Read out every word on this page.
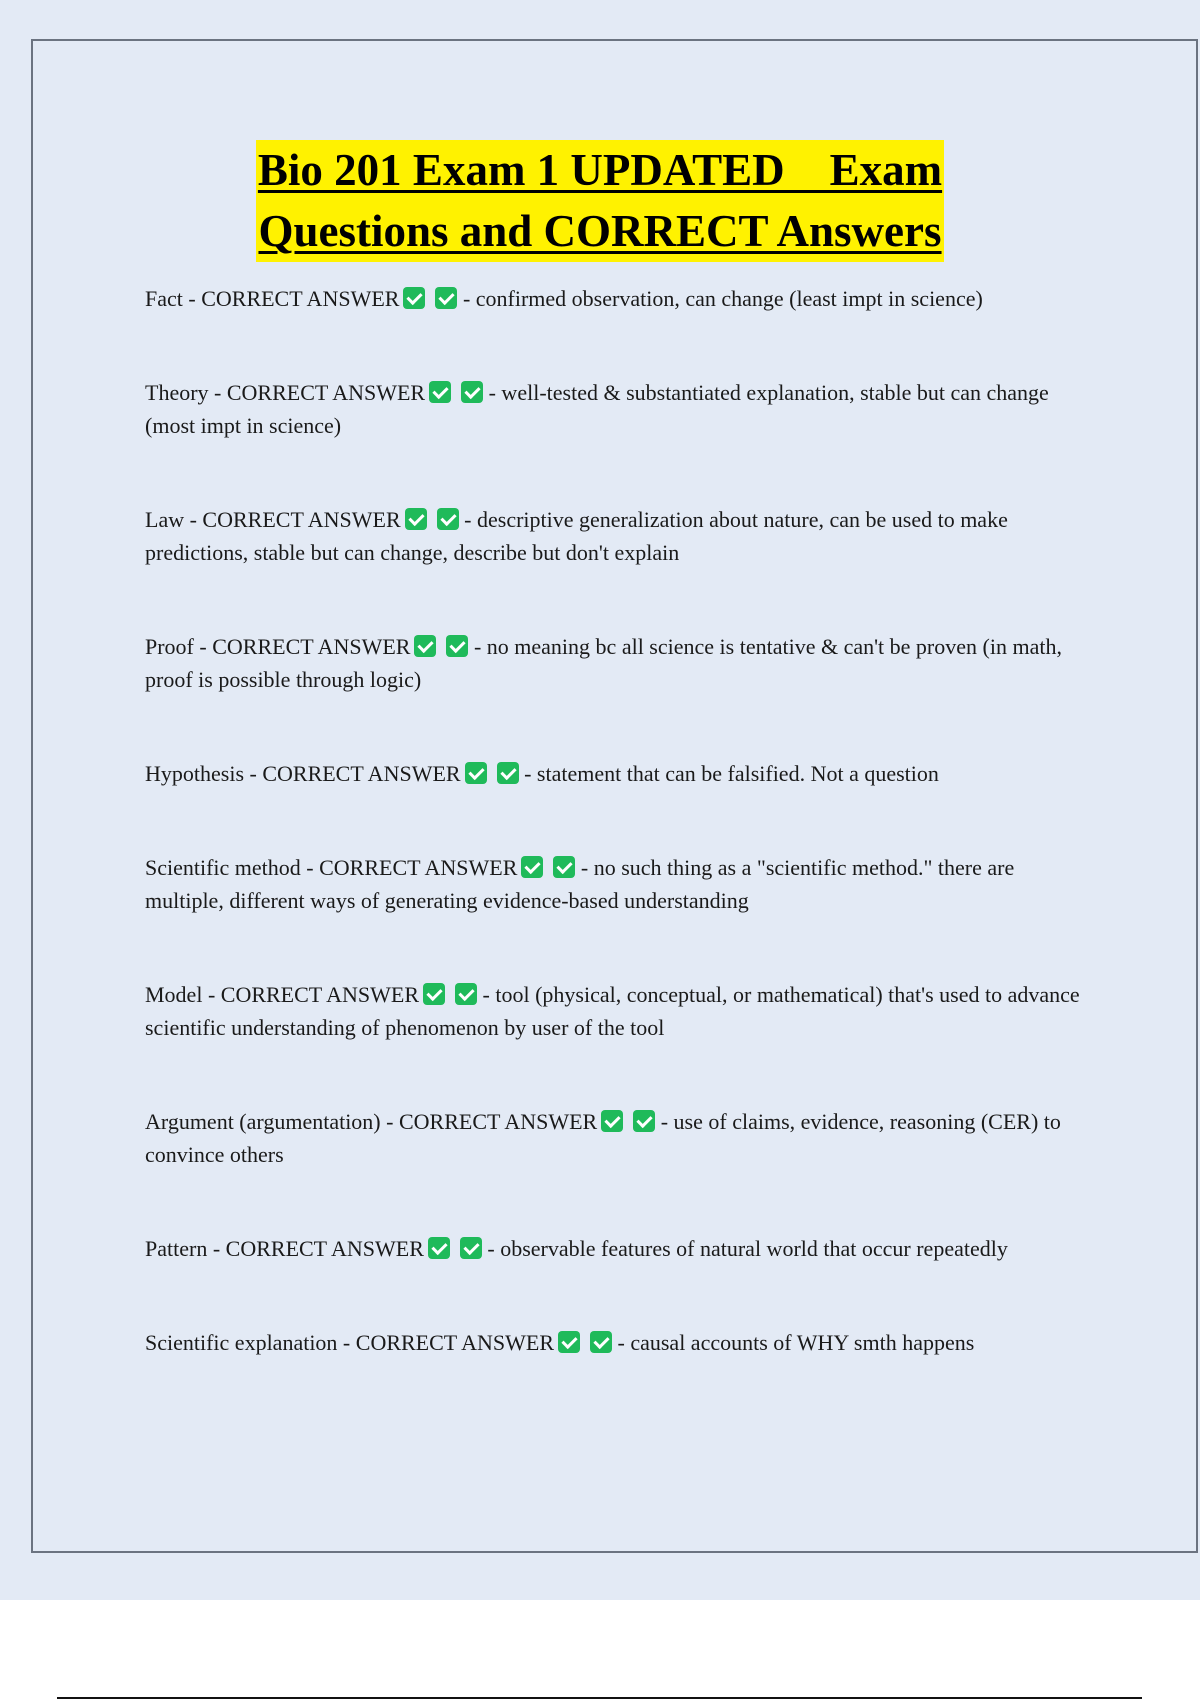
Bio 201 Exam 1 UPDATED    Exam
Questions and CORRECT Answers
Fact - CORRECT ANSWER	- confirmed observation, can change (least impt in science)
Theory - CORRECT ANSWER	- well-tested & substantiated explanation, stable but can change (most impt in science)
Law - CORRECT ANSWER	- descriptive generalization about nature, can be used to make predictions, stable but can change, describe but don't explain
Proof - CORRECT ANSWER	- no meaning bc all science is tentative & can't be proven (in math, proof is possible through logic)
Hypothesis - CORRECT ANSWER	- statement that can be falsified. Not a question
Scientific method - CORRECT ANSWER	- no such thing as a "scientific method." there are multiple, different ways of generating evidence-based understanding
Model - CORRECT ANSWER	- tool (physical, conceptual, or mathematical) that's used to advance scientific understanding of phenomenon by user of the tool
Argument (argumentation) - CORRECT ANSWER	- use of claims, evidence, reasoning (CER) to convince others
Pattern - CORRECT ANSWER	- observable features of natural world that occur repeatedly
Scientific explanation - CORRECT ANSWER	- causal accounts of WHY smth happens
